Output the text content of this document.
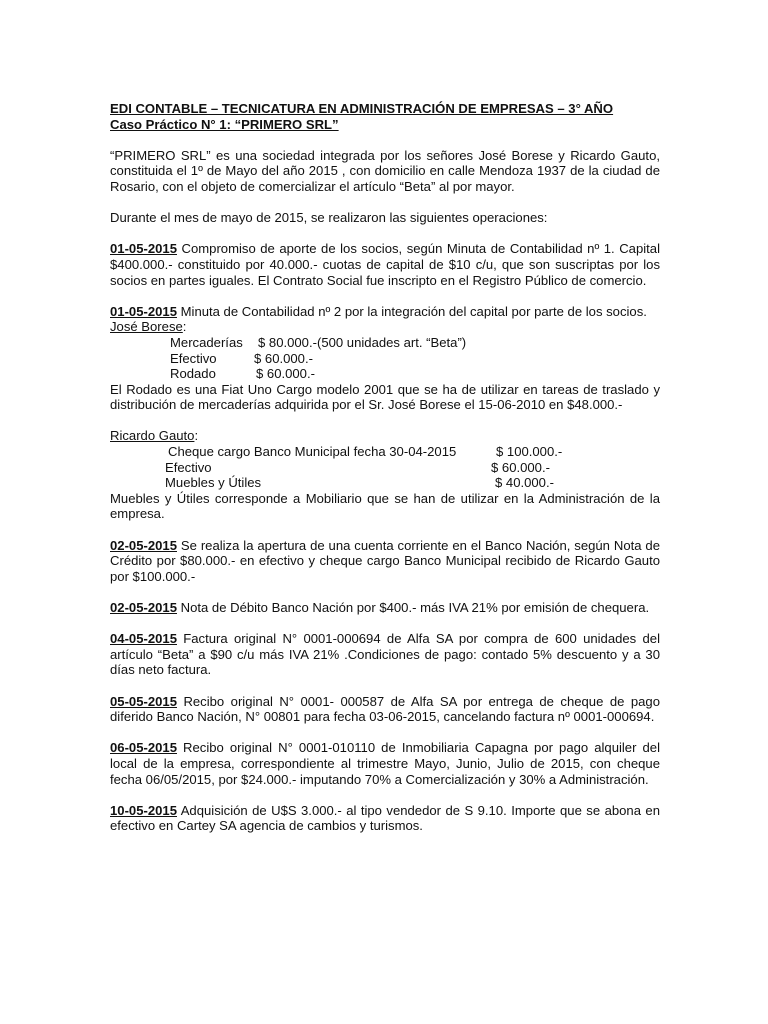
EDI CONTABLE – TECNICATURA EN ADMINISTRACIÓN DE EMPRESAS – 3° AÑO

Caso Práctico N° 1: “PRIMERO SRL”

“PRIMERO SRL” es una sociedad integrada por los señores José Borese y Ricardo Gauto, constituida el 1º de Mayo del año 2015 , con domicilio en calle Mendoza 1937 de la ciudad de Rosario, con el objeto de comercializar el artículo “Beta” al por mayor.

Durante el mes de mayo de 2015, se realizaron las siguientes operaciones:

01-05-2015 Compromiso de aporte de los socios, según Minuta de Contabilidad nº 1. Capital $400.000.- constituido por 40.000.- cuotas de capital de $10 c/u, que son suscriptas por los socios en partes iguales. El Contrato Social fue inscripto en el Registro Público de comercio.

01-05-2015 Minuta de Contabilidad nº 2 por la integración del capital por parte de los socios.

José Borese:

Mercaderías $ 80.000.-(500 unidades art. “Beta”)
Efectivo	$ 60.000.-
Rodado	$ 60.000.-

El Rodado es una Fiat Uno Cargo modelo 2001 que se ha de utilizar en tareas de traslado y distribución de mercaderías adquirida por el Sr. José Borese el 15-06-2010 en $48.000.-

Ricardo Gauto:

Cheque cargo Banco Municipal fecha 30-04-2015	$ 100.000.-
Efectivo	$ 60.000.-
Muebles y Útiles	$ 40.000.-

Muebles y Útiles corresponde a Mobiliario que se han de utilizar en la Administración de la empresa.

02-05-2015 Se realiza la apertura de una cuenta corriente en el Banco Nación, según Nota de Crédito por $80.000.- en efectivo y cheque cargo Banco Municipal recibido de Ricardo Gauto por $100.000.-

02-05-2015 Nota de Débito Banco Nación por $400.- más IVA 21% por emisión de chequera.

04-05-2015 Factura original N° 0001-000694 de Alfa SA por compra de 600 unidades del artículo “Beta” a $90 c/u más IVA 21% .Condiciones de pago: contado 5% descuento y a 30 días neto factura.

05-05-2015 Recibo original N° 0001- 000587 de Alfa SA por entrega de cheque de pago diferido Banco Nación, N° 00801 para fecha 03-06-2015, cancelando factura nº 0001-000694.

06-05-2015 Recibo original N° 0001-010110 de Inmobiliaria Capagna por pago alquiler del local de la empresa, correspondiente al trimestre Mayo, Junio, Julio de 2015, con cheque fecha 06/05/2015, por $24.000.- imputando 70% a Comercialización y 30% a Administración.

10-05-2015 Adquisición de U$S 3.000.- al tipo vendedor de S 9.10. Importe que se abona en efectivo en Cartey SA agencia de cambios y turismos.
